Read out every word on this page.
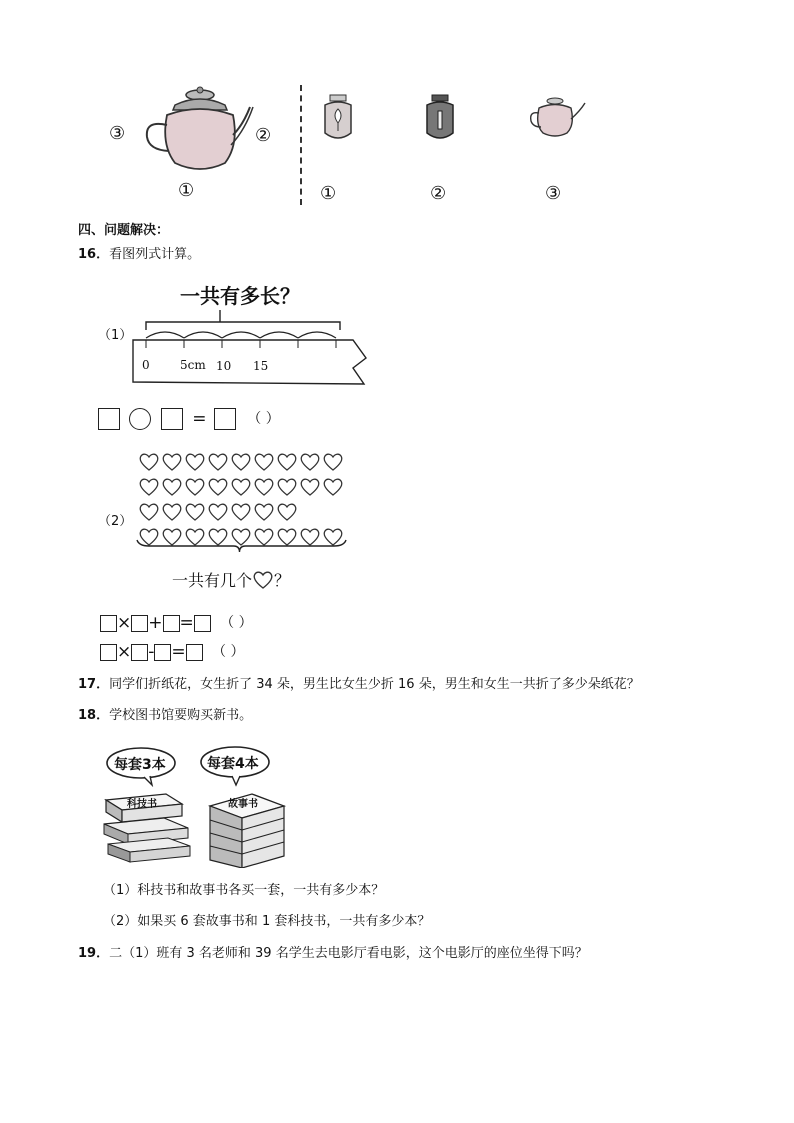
③	②
①	①	②	③
四、问题解决：
16．看图列式计算。
一共有多长？
（1）
0	5cm 10 15
=	（ ）
（2）
一共有几个 ？
× + = （ ）
× - = （ ）
17．同学们折纸花，女生折了 34 朵，男生比女生少折 16 朵，男生和女生一共折了多少朵纸花？
18．学校图书馆要购买新书。
每套3本	每套4本
科技书	故事书
（1）科技书和故事书各买一套，一共有多少本？
（2）如果买 6 套故事书和 1 套科技书，一共有多少本？
19．二（1）班有 3 名老师和 39 名学生去电影厅看电影，这个电影厅的座位坐得下吗？
